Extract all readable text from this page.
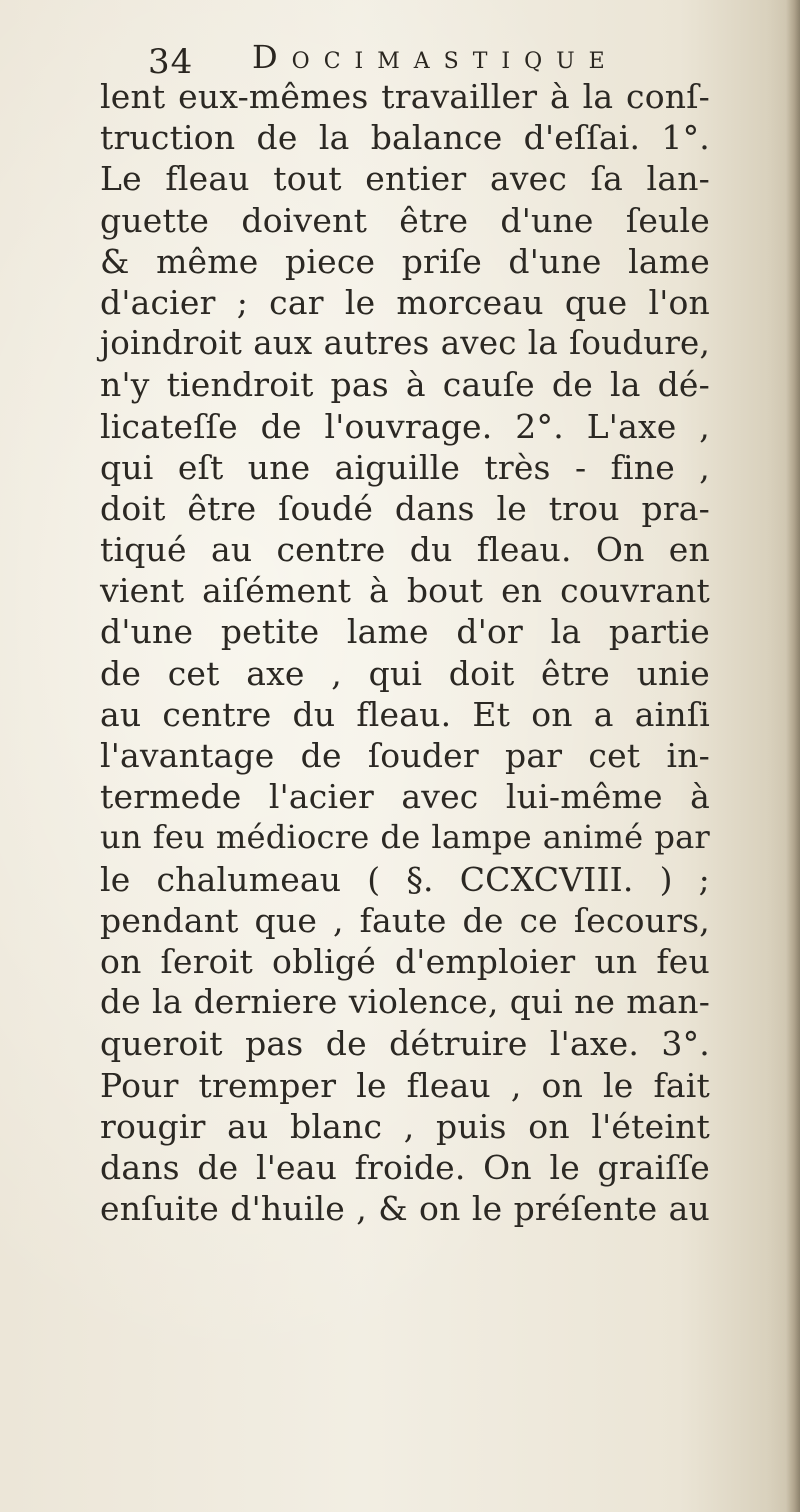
34 Docimastique
lent eux-mêmes travailler à la conſ-
truction de la balance d'eſſai. 1°.
Le fleau tout entier avec ſa lan-
guette doivent être d'une ſeule
& même piece priſe d'une lame
d'acier ; car le morceau que l'on
joindroit aux autres avec la ſoudure,
n'y tiendroit pas à cauſe de la dé-
licateſſe de l'ouvrage. 2°. L'axe ,
qui eſt une aiguille très - fine ,
doit être ſoudé dans le trou pra-
tiqué au centre du fleau. On en
vient aiſément à bout en couvrant
d'une petite lame d'or la partie
de cet axe , qui doit être unie
au centre du fleau. Et on a ainſi
l'avantage de ſouder par cet in-
termede l'acier avec lui-même à
un feu médiocre de lampe animé par
le chalumeau ( §. CCXCVIII. ) ;
pendant que , faute de ce ſecours,
on ſeroit obligé d'emploier un feu
de la derniere violence, qui ne man-
queroit pas de détruire l'axe. 3°.
Pour tremper le fleau , on le fait
rougir au blanc , puis on l'éteint
dans de l'eau froide. On le graiſſe
enſuite d'huile , & on le préſente au
